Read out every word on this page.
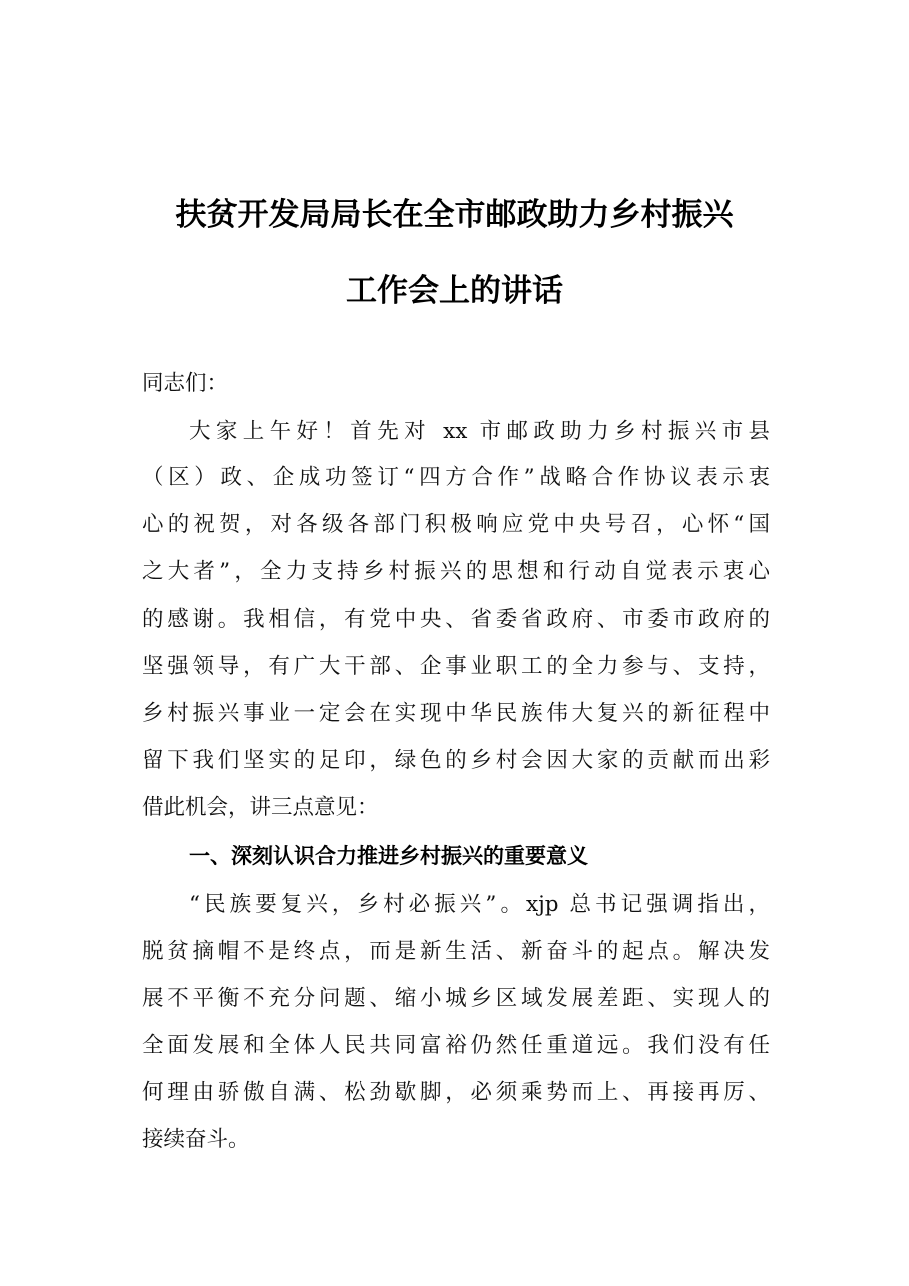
扶贫开发局局长在全市邮政助力乡村振兴
工作会上的讲话
同志们：
大家上午好！首先对 xx 市邮政助力乡村振兴市县
（区）政、企成功签订“四方合作”战略合作协议表示衷
心的祝贺，对各级各部门积极响应党中央号召，心怀“国
之大者”，全力支持乡村振兴的思想和行动自觉表示衷心
的感谢。我相信，有党中央、省委省政府、市委市政府的
坚强领导，有广大干部、企事业职工的全力参与、支持，
乡村振兴事业一定会在实现中华民族伟大复兴的新征程中
留下我们坚实的足印，绿色的乡村会因大家的贡献而出彩
借此机会，讲三点意见：
一、深刻认识合力推进乡村振兴的重要意义
“民族要复兴，乡村必振兴”。xjp 总书记强调指出，
脱贫摘帽不是终点，而是新生活、新奋斗的起点。解决发
展不平衡不充分问题、缩小城乡区域发展差距、实现人的
全面发展和全体人民共同富裕仍然任重道远。我们没有任
何理由骄傲自满、松劲歇脚，必须乘势而上、再接再厉、
接续奋斗。
